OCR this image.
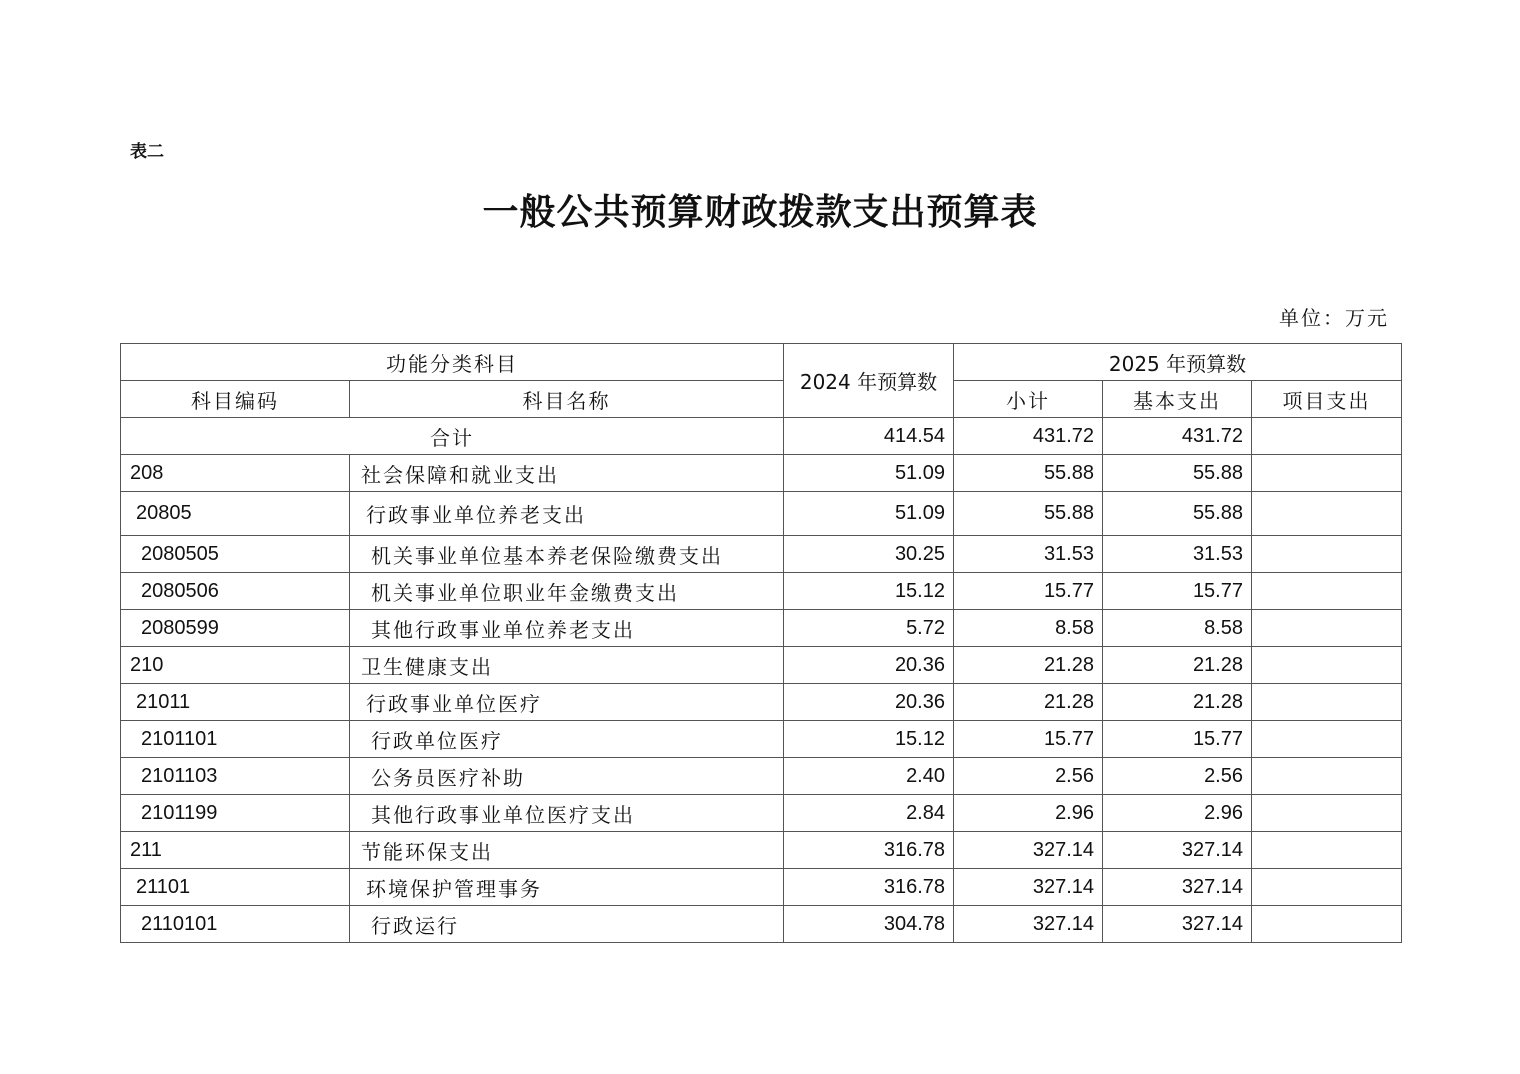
表二
一般公共预算财政拨款支出预算表
单位：万元
功能分类科目		2024 年预算数	2025 年预算数		
科目编码	科目名称		小计	基本支出	项目支出
合计		414.54	431.72	431.72	
208	社会保障和就业支出	51.09	55.88	55.88	
20805	行政事业单位养老支出	51.09	55.88	55.88	
2080505	机关事业单位基本养老保险缴费支出	30.25	31.53	31.53	
2080506	机关事业单位职业年金缴费支出	15.12	15.77	15.77	
2080599	其他行政事业单位养老支出	5.72	8.58	8.58	
210	卫生健康支出	20.36	21.28	21.28	
21011	行政事业单位医疗	20.36	21.28	21.28	
2101101	行政单位医疗	15.12	15.77	15.77	
2101103	公务员医疗补助	2.40	2.56	2.56	
2101199	其他行政事业单位医疗支出	2.84	2.96	2.96	
211	节能环保支出	316.78	327.14	327.14	
21101	环境保护管理事务	316.78	327.14	327.14	
2110101	行政运行	304.78	327.14	327.14	
